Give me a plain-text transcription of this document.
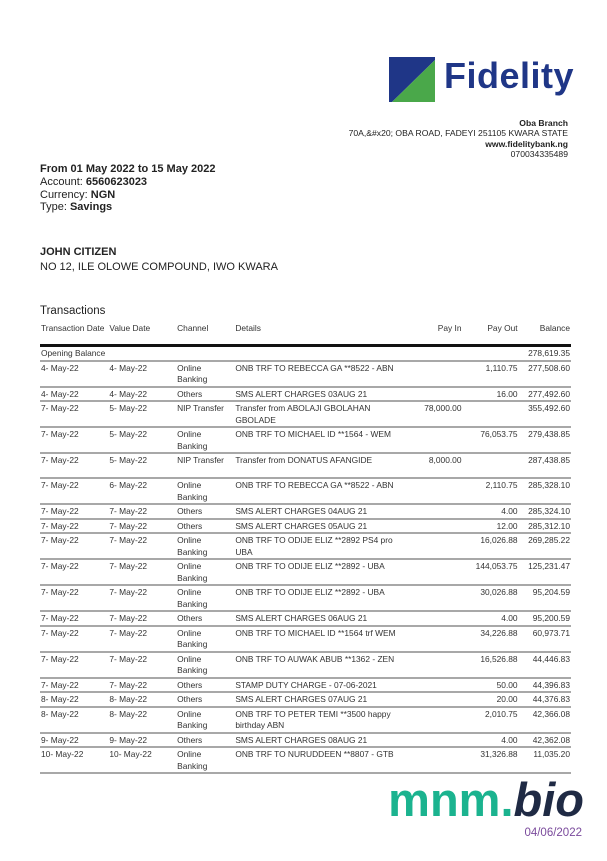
Fidelity
Oba Branch
70A,&#x20; OBA ROAD, FADEYI 251105 KWARA STATE
www.fidelitybank.ng
070034335489
From 01 May 2022 to 15 May 2022
Account: 6560623023
Currency: NGN
Type: Savings
JOHN CITIZEN
NO 12, ILE OLOWE COMPOUND, IWO KWARA
Transactions
Transaction Date	Value Date	Channel	Details	Pay In	Pay Out	Balance
Opening Balance						278,619.35
4- May-22	4- May-22	Online Banking	ONB TRF TO REBECCA GA **8522 - ABN		1,110.75	277,508.60
4- May-22	4- May-22	Others	SMS ALERT CHARGES 03AUG 21		16.00	277,492.60
7- May-22	5- May-22	NIP Transfer	Transfer from ABOLAJI GBOLAHAN GBOLADE	78,000.00		355,492.60
7- May-22	5- May-22	Online Banking	ONB TRF TO MICHAEL ID **1564 - WEM		76,053.75	279,438.85
7- May-22	5- May-22	NIP Transfer	Transfer from DONATUS AFANGIDE	8,000.00		287,438.85
7- May-22	6- May-22	Online Banking	ONB TRF TO REBECCA GA **8522 - ABN		2,110.75	285,328.10
7- May-22	7- May-22	Others	SMS ALERT CHARGES 04AUG 21		4.00	285,324.10
7- May-22	7- May-22	Others	SMS ALERT CHARGES 05AUG 21		12.00	285,312.10
7- May-22	7- May-22	Online Banking	ONB TRF TO ODIJE ELIZ **2892 PS4 pro UBA		16,026.88	269,285.22
7- May-22	7- May-22	Online Banking	ONB TRF TO ODIJE ELIZ **2892 - UBA		144,053.75	125,231.47
7- May-22	7- May-22	Online Banking	ONB TRF TO ODIJE ELIZ **2892 - UBA		30,026.88	95,204.59
7- May-22	7- May-22	Others	SMS ALERT CHARGES 06AUG 21		4.00	95,200.59
7- May-22	7- May-22	Online Banking	ONB TRF TO MICHAEL ID **1564 trf WEM		34,226.88	60,973.71
7- May-22	7- May-22	Online Banking	ONB TRF TO AUWAK ABUB **1362 - ZEN		16,526.88	44,446.83
7- May-22	7- May-22	Others	STAMP DUTY CHARGE - 07-06-2021		50.00	44,396.83
8- May-22	8- May-22	Others	SMS ALERT CHARGES 07AUG 21		20.00	44,376.83
8- May-22	8- May-22	Online Banking	ONB TRF TO PETER TEMI **3500 happy birthday ABN		2,010.75	42,366.08
9- May-22	9- May-22	Others	SMS ALERT CHARGES 08AUG 21		4.00	42,362.08
10- May-22	10- May-22	Online Banking	ONB TRF TO NURUDDEEN **8807 - GTB		31,326.88	11,035.20
mnm.bio
04/06/2022
